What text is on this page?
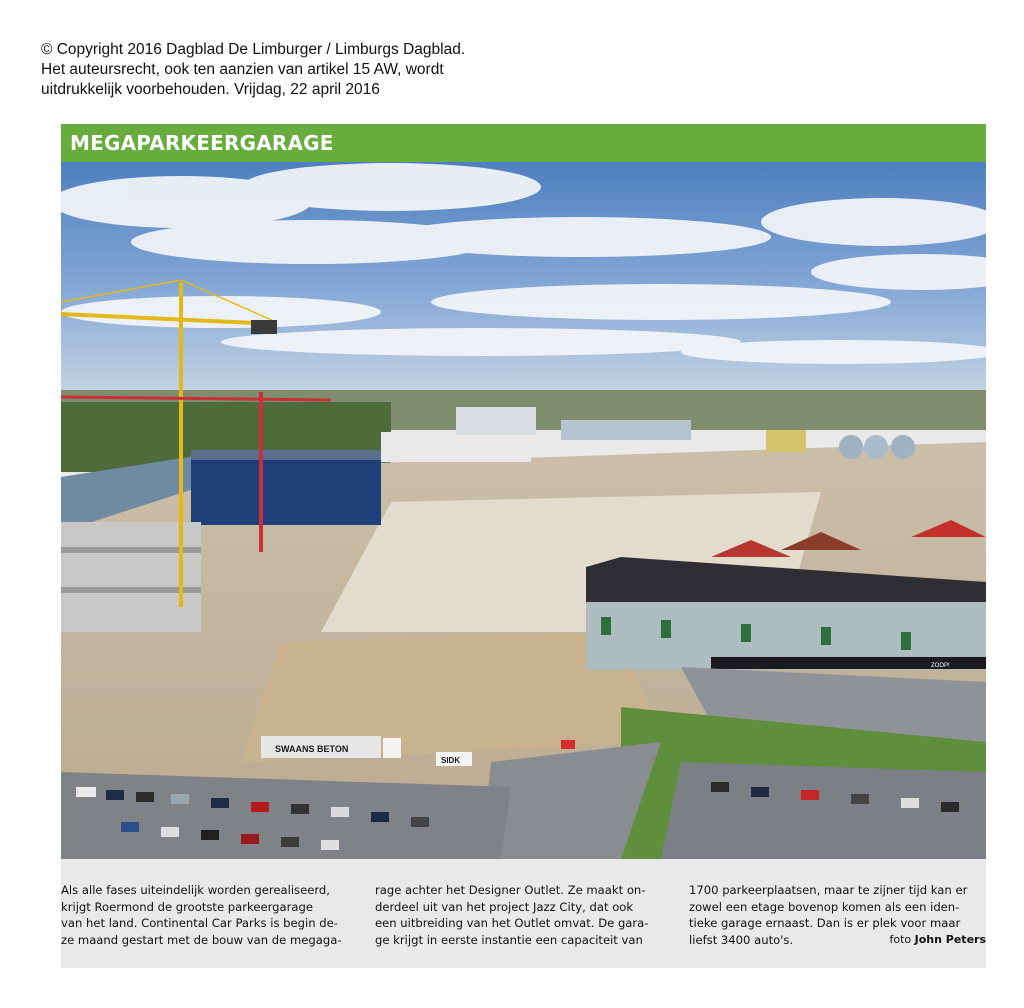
© Copyright 2016 Dagblad De Limburger / Limburgs Dagblad.
Het auteursrecht, ook ten aanzien van artikel 15 AW, wordt
uitdrukkelijk voorbehouden. Vrijdag, 22 april 2016
MEGAPARKEERGARAGE
ZOOP!
SWAANS BETON
SIDK
Als alle fases uiteindelijk worden gerealiseerd,
krijgt Roermond de grootste parkeergarage
van het land. Continental Car Parks is begin de-
ze maand gestart met de bouw van de megaga-
rage achter het Designer Outlet. Ze maakt on-
derdeel uit van het project Jazz City, dat ook
een uitbreiding van het Outlet omvat. De gara-
ge krijgt in eerste instantie een capaciteit van
1700 parkeerplaatsen, maar te zijner tijd kan er
zowel een etage bovenop komen als een iden-
tieke garage ernaast. Dan is er plek voor maar
liefst 3400 auto's.	foto John Peters
